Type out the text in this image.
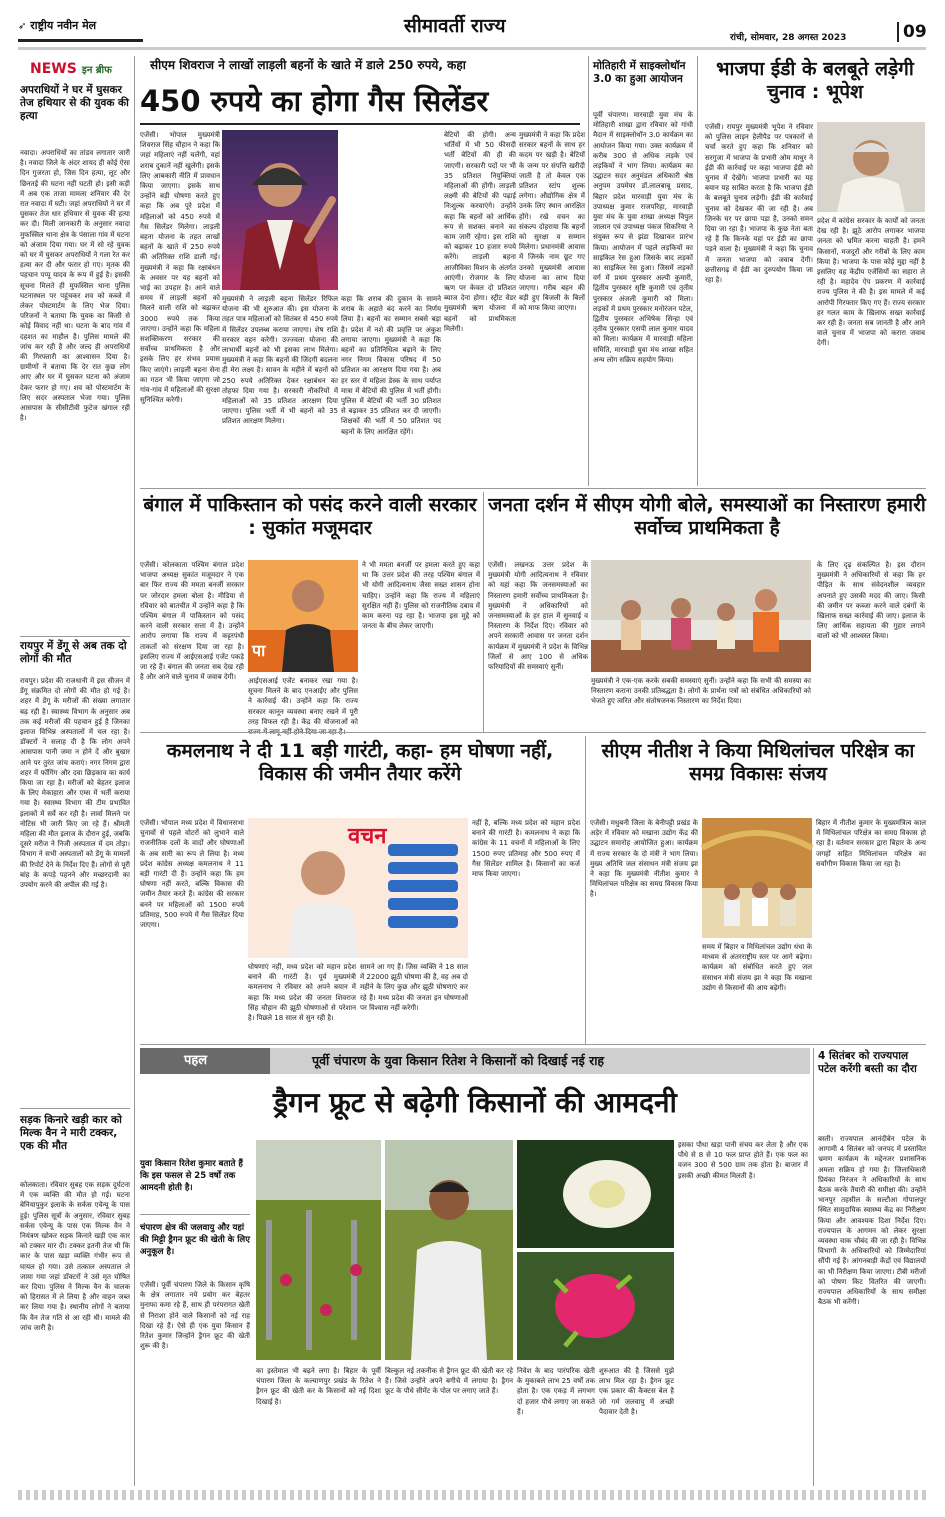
➶ राष्ट्रीय नवीन मेल	सीमावर्ती राज्य
रांची, सोमवार, 28 अगस्त 2023	09
NEWS इन ब्रीफ
अपराधियों ने घर में घुसकर तेज हथियार से की युवक की हत्या
नवादा। अपराधियों का तांडव लगातार जारी है। नवादा जिले के अंदर शायद ही कोई ऐसा दिन गुजरता हो, जिस दिन हत्या, लूट और छिनतई की घटना नहीं घटती हो। इसी कड़ी में अब एक ताजा मामला शनिवार की देर रात नवादा में घटी। जहां अपराधियों ने घर में घुसकर तेज धार हथियार से युवक की हत्या कर दी। मिली जानकारी के अनुसार नवादा मुफस्सिल थाना क्षेत्र के पंसाला गांव में घटना को अंजाम दिया गया। घर में सो रहे युवक को घर में घुसकर अपराधियों ने गला रेत कर हत्या कर दी और फरार हो गए। मृतक की पहचान पप्पू यादव के रूप में हुई है। इसकी सूचना मिलते ही मुफस्सिल थाना पुलिस घटनास्थल पर पहुंचकर शव को कब्जे में लेकर पोस्टमार्टम के लिए भेज दिया। परिजनों ने बताया कि युवक का किसी से कोई विवाद नहीं था। घटना के बाद गांव में दहशत का माहौल है। पुलिस मामले की जांच कर रही है और जल्द ही अपराधियों की गिरफ्तारी का आश्वासन दिया है। ग्रामीणों ने बताया कि देर रात कुछ लोग आए और घर में घुसकर घटना को अंजाम देकर फरार हो गए। शव को पोस्टमार्टम के लिए सदर अस्पताल भेजा गया। पुलिस आसपास के सीसीटीवी फुटेज खंगाल रही है।
रायपुर में डेंगू से अब तक दो लोगों की मौत
रायपुर। प्रदेश की राजधानी में इस सीजन में डेंगू संक्रमित दो लोगों की मौत हो गई है। शहर में डेंगू के मरीजों की संख्या लगातार बढ़ रही है। स्वास्थ्य विभाग के अनुसार अब तक कई मरीजों की पहचान हुई है जिनका इलाज विभिन्न अस्पतालों में चल रहा है। डॉक्टरों ने सलाह दी है कि लोग अपने आसपास पानी जमा न होने दें और बुखार आने पर तुरंत जांच कराएं। नगर निगम द्वारा शहर में फॉगिंग और दवा छिड़काव का कार्य किया जा रहा है। मरीजों को बेहतर इलाज के लिए मेकाहारा और एम्स में भर्ती कराया गया है। स्वास्थ्य विभाग की टीम प्रभावित इलाकों में सर्वे कर रही है। लार्वा मिलने पर नोटिस भी जारी किए जा रहे हैं। श्रीमती महिला की मौत इलाज के दौरान हुई, जबकि दूसरे मरीज ने निजी अस्पताल में दम तोड़ा। विभाग ने सभी अस्पतालों को डेंगू के मामलों की रिपोर्ट देने के निर्देश दिए हैं। लोगों से पूरी बांह के कपड़े पहनने और मच्छरदानी का उपयोग करने की अपील की गई है।
सड़क किनारे खड़ी कार को मिल्क वैन ने मारी टक्कर, एक की मौत
कोलकाता। रविवार सुबह एक सड़क दुर्घटना में एक व्यक्ति की मौत हो गई। घटना बेनियापुकुर इलाके के सर्कस एवेन्यू के पास हुई। पुलिस सूत्रों के अनुसार, रविवार सुबह सर्कस एवेन्यू के पास एक मिल्क वैन ने नियंत्रण खोकर सड़क किनारे खड़ी एक कार को टक्कर मार दी। टक्कर इतनी तेज थी कि कार के पास खड़ा व्यक्ति गंभीर रूप से घायल हो गया। उसे तत्काल अस्पताल ले जाया गया जहां डॉक्टरों ने उसे मृत घोषित कर दिया। पुलिस ने मिल्क वैन के चालक को हिरासत में ले लिया है और वाहन जब्त कर लिया गया है। स्थानीय लोगों ने बताया कि वैन तेज गति से आ रही थी। मामले की जांच जारी है।
सीएम शिवराज ने लाखों लाड़ली बहनों के खाते में डाले 250 रुपये, कहा
450 रुपये का होगा गैस सिलेंडर
एजेंसी। भोपाल मुख्यमंत्री शिवराज सिंह चौहान ने कहा कि जहां महिलाएं नहीं चलेंगी, वहां शराब दुकानें नहीं खुलेंगी। इसके लिए आबकारी नीति में प्रावधान किया जाएगा। इसके साथ उन्होंने बड़ी घोषणा करते हुए कहा कि अब पूरे प्रदेश में महिलाओं को 450 रुपये में गैस सिलेंडर मिलेगा। लाड़ली बहना योजना के तहत लाखों बहनों के खाते में 250 रुपये की अतिरिक्त राशि डाली गई। मुख्यमंत्री ने कहा कि रक्षाबंधन के अवसर पर यह बहनों को भाई का उपहार है। आने वाले समय में लाड़ली बहनों को मिलने वाली राशि को बढ़ाकर 3000 रुपये तक किया जाएगा। उन्होंने कहा कि महिला सशक्तिकरण सरकार की सर्वोच्च प्राथमिकता है और इसके लिए हर संभव प्रयास किए जाएंगे। लाड़ली बहना सेना का गठन भी किया जाएगा जो गांव-गांव में महिलाओं की सुरक्षा सुनिश्चित करेगी।
मुख्यमंत्री ने लाड़ली बहना सिलेंडर रिफिल योजना की भी शुरुआत की। इस योजना के तहत पात्र महिलाओं को सितंबर से 450 रुपये में सिलेंडर उपलब्ध कराया जाएगा। शेष राशि सरकार वहन करेगी। उज्ज्वला योजना की लाभार्थी बहनों को भी इसका लाभ मिलेगा। मुख्यमंत्री ने कहा कि बहनों की जिंदगी बदलना ही मेरा लक्ष्य है। सावन के महीने में बहनों को 250 रुपये अतिरिक्त देकर रक्षाबंधन का तोहफा दिया गया है। सरकारी नौकरियों में महिलाओं को 35 प्रतिशत आरक्षण दिया जाएगा। पुलिस भर्ती में भी बहनों को 35 प्रतिशत आरक्षण मिलेगा।
कहा कि शराब की दुकान के सामने शराब के अहाते बंद करने का निर्णय लिया है। बहनों का सम्मान सबसे बड़ा है। प्रदेश में नशे की प्रवृत्ति पर अंकुश लगाया जाएगा। मुख्यमंत्री ने कहा कि बहनों का प्रतिनिधित्व बढ़ाने के लिए नगर निगम विकास परिषद में 50 प्रतिशत का आरक्षण दिया गया है। अब हर स्तर में महिला डेस्क के साथ पर्याप्त मात्रा में बेटियों की पुलिस में भर्ती होगी। पुलिस में बेटियों की भर्ती 30 प्रतिशत से बढ़ाकर 35 प्रतिशत कर दी जाएगी। शिक्षकों की भर्ती में 50 प्रतिशत पद बहनों के लिए आरक्षित रहेंगे।
बेटियों की होगी। अन्य भर्तियों में भी 50 फीसदी भर्ती बेटियों की ही की जाएगी। सरकारी पदों पर भी 35 प्रतिशत नियुक्तियां महिलाओं की होंगी। लाड़ली लक्ष्मी की बेटियों की पढ़ाई निःशुल्क करवाएंगे। उन्होंने कहा कि बहनों को आर्थिक रूप से सशक्त बनाने का काम जारी रहेगा। इस राशि को बढ़ाकर 10 हजार रुपये करेंगे। लाड़ली बहना आजीविका मिशन के अंतर्गत आएंगी। रोजगार के लिए ऋण पर केवल दो प्रतिशत ब्याज देना होगा। स्ट्रीट वेंडर मुख्यमंत्री ऋण योजना में बहनों को प्राथमिकता मिलेगी।
मुख्यमंत्री ने कहा कि प्रदेश सरकार बहनों के साथ हर कदम पर खड़ी है। बेटियों के जन्म पर संपत्ति खरीदी जाती है तो केवल एक प्रतिशत स्टांप शुल्क लगेगा। औद्योगिक क्षेत्र में उनके लिए स्थान आरक्षित होंगे। रखे वचन का संकल्प दोहराया कि बहनों को सुरक्षा व सम्मान मिलेगा। प्रधानमंत्री आवास में जिनके नाम छूट गए उनको मुख्यमंत्री आवास योजना का लाभ दिया जाएगा। गरीब बहन की बड़ी हुए बिजली के बिलों को माफ किया जाएगा।
मोतिहारी में साइक्लोथॉन 3.0 का हुआ आयोजन
पूर्वी चंपारण। मारवाड़ी युवा मंच के मोतिहारी शाखा द्वारा रविवार को गांधी मैदान में साइक्लोथॉन 3.0 कार्यक्रम का आयोजन किया गया। उक्त कार्यक्रम में करीब 300 से अधिक लड़के एवं लड़कियों ने भाग लिया। कार्यक्रम का उद्घाटन सदर अनुमंडल अधिकारी श्रेष्ठ अनुपम उपमेयर डॉ.लालबाबू प्रसाद, बिहार प्रदेश मारवाड़ी युवा मंच के उपाध्यक्ष कुमार राजपरिहा, मारवाड़ी युवा मंच के युवा शाखा अध्यक्ष विपुल जालान एवं उपाध्यक्ष पंकज सिकरिया ने संयुक्त रूप से झंडा दिखाकर प्रारंभ किया। आयोजन में पहले लड़कियों का साइकिल रेस हुआ जिसके बाद लड़कों का साइकिल रेस हुआ। जिसमें लड़कों वर्ग में प्रथम पुरस्कार अल्पी कुमारी, द्वितीय पुरस्कार सृष्टि कुमारी एवं तृतीय पुरस्कार अंजली कुमारी को मिला। लड़कों में प्रथम पुरस्कार मनोरंजन पटेल, द्वितीय पुरस्कार अभिषेक सिन्हा एवं तृतीय पुरस्कार एसपी लाल कुमार यादव को मिला। कार्यक्रम में मारवाड़ी महिला समिति, मारवाड़ी युवा मंच शाखा सहित अन्य लोग सक्रिय सहयोग किया।
भाजपा ईडी के बलबूते लड़ेगी चुनाव : भूपेश
एजेंसी। रायपुर मुख्यमंत्री भूपेश ने रविवार को पुलिस लाइन हेलीपैड पर पत्रकारों से चर्चा करते हुए कहा कि शनिवार को सरगुजा में भाजपा के प्रभारी ओम माथुर ने ईडी की कार्रवाई पर कहा भाजपा ईडी को चुनाव में देखेंगे। भाजपा प्रभारी का यह बयान यह साबित करता है कि भाजपा ईडी के बलबूते चुनाव लड़ेगी। ईडी की कार्रवाई चुनाव को देखकर की जा रही है। अब जिनके घर पर छापा पड़ा है, उनको समन दिया जा रहा है। भाजपा के कुछ नेता बता रहे हैं कि किनके यहां पर ईडी का छापा पड़ने वाला है। मुख्यमंत्री ने कहा कि चुनाव में जनता भाजपा को जवाब देगी। छत्तीसगढ़ में ईडी का दुरुपयोग किया जा रहा है।
प्रदेश में कांग्रेस सरकार के कार्यों को जनता देख रही है। झूठे आरोप लगाकर भाजपा जनता को भ्रमित करना चाहती है। हमने किसानों, मजदूरों और गरीबों के लिए काम किया है। भाजपा के पास कोई मुद्दा नहीं है इसलिए वह केंद्रीय एजेंसियों का सहारा ले रही है। महादेव ऐप प्रकरण में कार्रवाई राज्य पुलिस ने की है। इस मामले में कई आरोपी गिरफ्तार किए गए हैं। राज्य सरकार हर गलत काम के खिलाफ सख्त कार्रवाई कर रही है। जनता सब जानती है और आने वाले चुनाव में भाजपा को करारा जवाब देगी।
बंगाल में पाकिस्तान को पसंद करने वाली सरकार : सुकांत मजूमदार
एजेंसी। कोलकाता पश्चिम बंगाल प्रदेश भाजपा अध्यक्ष सुकांत मजूमदार ने एक बार फिर राज्य की ममता बनर्जी सरकार पर जोरदार हमला बोला है। मीडिया से रविवार को बातचीत में उन्होंने कहा है कि पश्चिम बंगाल में पाकिस्तान को पसंद करने वाली सरकार सत्ता में है। उन्होंने आरोप लगाया कि राज्य में कट्टरपंथी ताकतों को संरक्षण दिया जा रहा है। इसलिए राज्य में आईएसआई एजेंट पकड़े जा रहे हैं। बंगाल की जनता सब देख रही है और आने वाले चुनाव में जवाब देगी।
पा
आईएसआई एजेंट बनाकर रखा गया है। सूचना मिलने के बाद एनआईए और पुलिस ने कार्रवाई की। उन्होंने कहा कि राज्य सरकार कानून व्यवस्था बनाए रखने में पूरी तरह विफल रही है। केंद्र की योजनाओं को
ने भी ममता बनर्जी पर हमला करते हुए कहा था कि उत्तर प्रदेश की तरह पश्चिम बंगाल में भी योगी आदित्यनाथ जैसा सख्त शासन होना चाहिए। उन्होंने कहा कि राज्य में महिलाएं सुरक्षित नहीं हैं। पुलिस को राजनीतिक दबाव में काम करना पड़ रहा है। भाजपा इस मुद्दे को जनता के बीच लेकर जाएगी।
जनता दर्शन में सीएम योगी बोले, समस्याओं का निस्तारण हमारी सर्वोच्च प्राथमिकता है
एजेंसी। लखनऊ उत्तर प्रदेश के मुख्यमंत्री योगी आदित्यनाथ ने रविवार को यहां कहा कि जनसमस्याओं का निस्तारण हमारी सर्वोच्च प्राथमिकता है। मुख्यमंत्री ने अधिकारियों को जनसमस्याओं के हर हाल में सुनवाई व निस्तारण के निर्देश दिए। रविवार को अपने सरकारी आवास पर जनता दर्शन कार्यक्रम में मुख्यमंत्री ने प्रदेश के विभिन्न जिलों से आए 100 से अधिक फरियादियों की समस्याएं सुनीं।
मुख्यमंत्री ने एक-एक करके सबकी समस्याएं सुनीं। उन्होंने कहा कि सभी की समस्या का निस्तारण कराना उनकी प्रतिबद्धता है। लोगों के प्रार्थना पत्रों को संबंधित अधिकारियों को भेजते हुए त्वरित और संतोषजनक निस्तारण का निर्देश दिया।
के लिए दृढ़ संकल्पित है। इस दौरान मुख्यमंत्री ने अधिकारियों से कहा कि हर पीड़ित के साथ संवेदनशील व्यवहार अपनाते हुए उसकी मदद की जाए। किसी की जमीन पर कब्जा करने वाले दबंगों के खिलाफ सख्त कार्रवाई की जाए। इलाज के लिए आर्थिक सहायता की गुहार लगाने वालों को भी आश्वस्त किया।
कमलनाथ ने दी 11 बड़ी गारंटी, कहा- हम घोषणा नहीं, विकास की जमीन तैयार करेंगे
एजेंसी। भोपाल मध्य प्रदेश में विधानसभा चुनावों से पहले वोटरों को लुभाने वाले राजनीतिक दलों के वादों और घोषणाओं के अब सारी का रूप ले लिया है। मध्य प्रदेश कांग्रेस अध्यक्ष कमलनाथ ने 11 बड़ी गारंटी दी हैं। उन्होंने कहा कि हम घोषणा नहीं करते, बल्कि विकास की जमीन तैयार करते हैं। कांग्रेस की सरकार बनने पर महिलाओं को 1500 रुपये प्रतिमाह, 500 रुपये में गैस सिलेंडर दिया जाएगा।
वचन
घोषणाएं नहीं, मध्य प्रदेश को महान प्रदेश बनाने की गारंटी है। पूर्व मुख्यमंत्री कमलनाथ ने रविवार को अपने बयान में कहा कि मध्य प्रदेश की जनता शिवराज सिंह चौहान की झूठी घोषणाओं से परेशान है। पिछले 18 साल से सुन रही है।
सामने आ गए हैं। जिस व्यक्ति ने 18 साल में 22000 झूठी घोषणा की है, वह अब दो महीने के लिए कुछ और झूठी घोषणाएं कर रहे हैं। मध्य प्रदेश की जनता इन घोषणाओं पर विश्वास नहीं करेगी।
नहीं है, बल्कि मध्य प्रदेश को महान प्रदेश बनाने की गारंटी है। कमलनाथ ने कहा कि कांग्रेस के 11 वचनों में महिलाओं के लिए 1500 रुपए प्रतिमाह और 500 रुपए में गैस सिलेंडर शामिल है। किसानों का कर्ज माफ किया जाएगा।
सीएम नीतीश ने किया मिथिलांचल परिक्षेत्र का समग्र विकासः संजय
एजेंसी। मधुबनी जिला के बेनीपट्टी प्रखंड के अड़ेर में रविवार को मखाना उद्योग केंद्र की उद्घाटन समारोह आयोजित हुआ। कार्यक्रम में राज्य सरकार के दो मंत्री ने भाग लिया। मुख्य अतिथि जल संसाधन मंत्री संजय झा ने कहा कि मुख्यमंत्री नीतीश कुमार ने मिथिलांचल परिक्षेत्र का समग्र विकास किया है।
समय में बिहार व मिथिलांचल उद्योग धंधा के माध्यम से अंतरराष्ट्रीय स्तर पर आगे बढ़ेगा। कार्यक्रम को संबोधित करते हुए जल संसाधन मंत्री संजय झा ने कहा कि मखाना उद्योग से किसानों की आय बढ़ेगी।
बिहार में नीतीश कुमार के मुख्यमंत्रित्व काल में मिथिलांचल परिक्षेत्र का समग्र विकास हो रहा है। वर्तमान सरकार द्वारा बिहार के अन्य जगहों सहित मिथिलांचल परिक्षेत्र का सर्वांगीण विकास किया जा रहा है।
पहल	पूर्वी चंपारण के युवा किसान रितेश ने किसानों को दिखाई नई राह
ड्रैगन फ्रूट से बढ़ेगी किसानों की आमदनी
युवा किसान रितेश कुमार बताते हैं कि इस फसल से 25 वर्षों तक आमदनी होती है।
चंपारण क्षेत्र की जलवायु और यहां की मिट्टी ड्रैगन फ्रूट की खेती के लिए अनुकूल है।
एजेंसी। पूर्वी चंपारण जिले के किसान कृषि के क्षेत्र लगातार नये प्रयोग कर बेहतर मुनाफा कमा रहे हैं, साथ ही परंपरागत खेती से निराशा होने वाले किसानों को नई राह दिखा रहे हैं। ऐसे ही एक युवा किसान हैं रितेश कुमार जिन्होंने ड्रैगन फ्रूट की खेती शुरू की है।
का इस्तेमाल भी बढ़ने लगा है। बिहार के पूर्वी चंपारण जिला के कल्याणपुर प्रखंड के रितेश ने ड्रैगन फ्रूट की खेती कर के किसानों को नई दिशा दिखाई है।
बिल्कुल नई तकनीक से ड्रैगन फ्रूट की खेती कर रहे हैं। जिसे उन्होंने अपने बगीचे में लगाया है। ड्रैगन फ्रूट के पौधे सीमेंट के पोल पर लगाए जाते हैं।
निवेश के बाद पारंपरिक खेती के मुकाबले लाभ 25 वर्षों तक होता है। एक एकड़ में लगभग दो हजार पौधे लगाए जा सकते हैं।
शुरुआत की है जिससे मुझे लाभ मिल रहा है। ड्रैगन फ्रूट एक प्रकार की कैक्टस बेल है जो गर्म जलवायु में अच्छी पैदावार देती है।
इसका पौधा खड़ा पानी संचय कर लेता है और एक पौधे से 8 से 10 फल प्राप्त होते हैं। एक फल का वजन 300 से 500 ग्राम तक होता है। बाजार में इसकी अच्छी कीमत मिलती है।
4 सितंबर को राज्यपाल पटेल करेंगी बस्ती का दौरा
बस्ती। राज्यपाल आनंदीबेन पटेल के आगामी 4 सितंबर को जनपद में प्रस्तावित भ्रमण कार्यक्रम के मद्देनजर प्रशासनिक अमला सक्रिय हो गया है। जिलाधिकारी प्रियंका निरंजन ने अधिकारियों के साथ बैठक करके तैयारी की समीक्षा की। उन्होंने भानपुर तहसील के सल्टौआ गोपालपुर स्थित सामुदायिक स्वास्थ्य केंद्र का निरीक्षण किया और आवश्यक दिशा निर्देश दिए। राज्यपाल के आगमन को लेकर सुरक्षा व्यवस्था चाक चौबंद की जा रही है। विभिन्न विभागों के अधिकारियों को जिम्मेदारियां सौंपी गई हैं। आंगनबाड़ी केंद्रों एवं विद्यालयों का भी निरीक्षण किया जाएगा। टीबी मरीजों को पोषण किट वितरित की जाएगी। राज्यपाल अधिकारियों के साथ समीक्षा बैठक भी करेंगी।
